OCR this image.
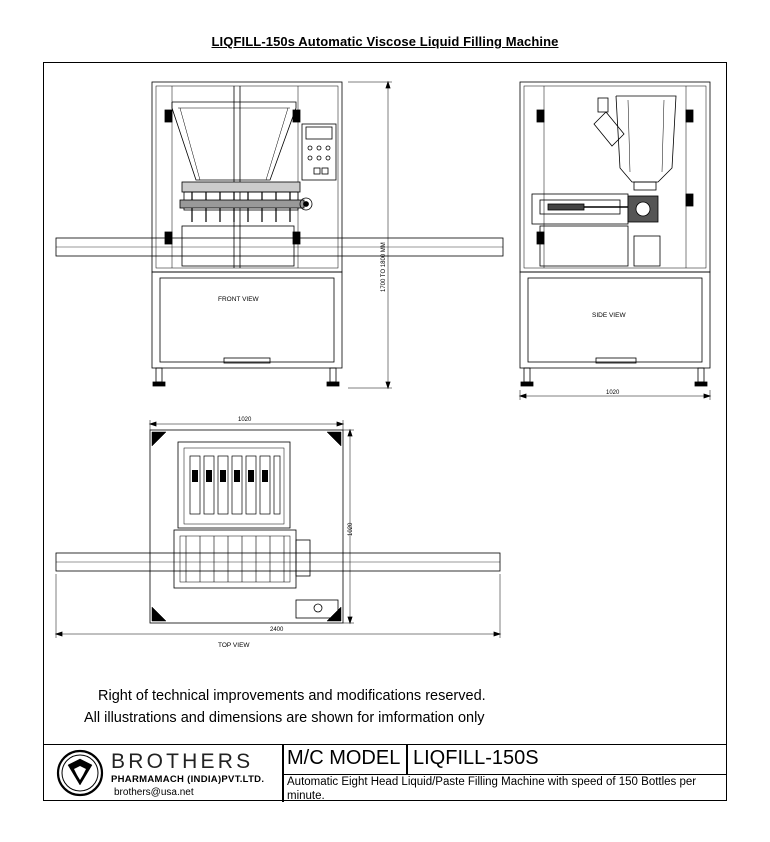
LIQFILL-150s Automatic Viscose Liquid Filling Machine
FRONT VIEW
SIDE VIEW
TOP VIEW
1700 TO 1800 MM
1020
1020
1020
2400
Right of technical improvements and modifications reserved.
All illustrations and dimensions are shown for imformation only
BROTHERS
PHARMAMACH (INDIA)PVT.LTD.
brothers@usa.net
M/C MODEL LIQFILL-150S
Automatic Eight Head Liquid/Paste Filling Machine with speed of 150 Bottles per minute.
